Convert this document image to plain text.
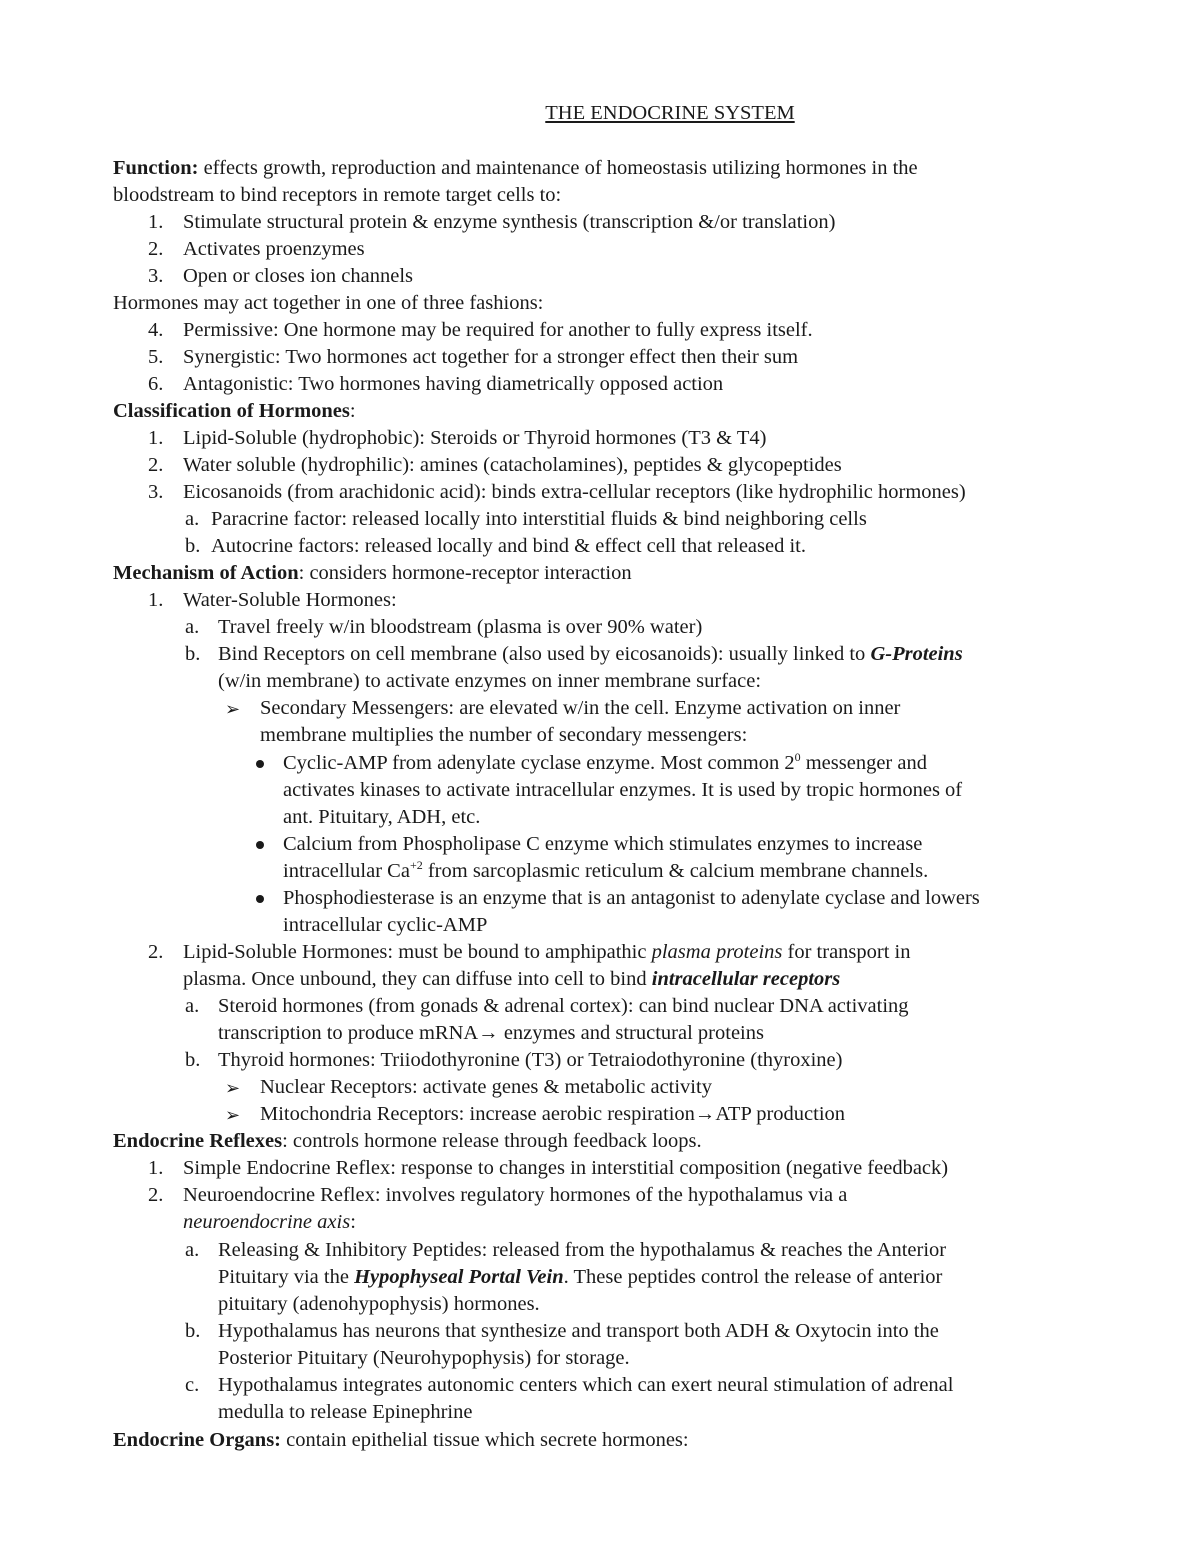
THE ENDOCRINE SYSTEM
Function: effects growth, reproduction and maintenance of homeostasis utilizing hormones in the
bloodstream to bind receptors in remote target cells to:
1. Stimulate structural protein & enzyme synthesis (transcription &/or translation)
2. Activates proenzymes
3. Open or closes ion channels
Hormones may act together in one of three fashions:
4. Permissive: One hormone may be required for another to fully express itself.
5. Synergistic: Two hormones act together for a stronger effect then their sum
6. Antagonistic: Two hormones having diametrically opposed action
Classification of Hormones:
1. Lipid-Soluble (hydrophobic): Steroids or Thyroid hormones (T3 & T4)
2. Water soluble (hydrophilic): amines (catacholamines), peptides & glycopeptides
3. Eicosanoids (from arachidonic acid): binds extra-cellular receptors (like hydrophilic hormones)
a. Paracrine factor: released locally into interstitial fluids & bind neighboring cells
b. Autocrine factors: released locally and bind & effect cell that released it.
Mechanism of Action: considers hormone-receptor interaction
1. Water-Soluble Hormones:
a. Travel freely w/in bloodstream (plasma is over 90% water)
b. Bind Receptors on cell membrane (also used by eicosanoids): usually linked to G-Proteins
(w/in membrane) to activate enzymes on inner membrane surface:
➢ Secondary Messengers: are elevated w/in the cell. Enzyme activation on inner
membrane multiplies the number of secondary messengers:
Cyclic-AMP from adenylate cyclase enzyme. Most common $2^0$ messenger and
activates kinases to activate intracellular enzymes. It is used by tropic hormones of
ant. Pituitary, ADH, etc.
Calcium from Phospholipase C enzyme which stimulates enzymes to increase
intracellular $Ca^{+2}$ from sarcoplasmic reticulum & calcium membrane channels.
Phosphodiesterase is an enzyme that is an antagonist to adenylate cyclase and lowers
intracellular cyclic-AMP
2. Lipid-Soluble Hormones: must be bound to amphipathic plasma proteins for transport in
plasma. Once unbound, they can diffuse into cell to bind intracellular receptors
a. Steroid hormones (from gonads & adrenal cortex): can bind nuclear DNA activating
transcription to produce mRNA→ enzymes and structural proteins
b. Thyroid hormones: Triiodothyronine (T3) or Tetraiodothyronine (thyroxine)
➢ Nuclear Receptors: activate genes & metabolic activity
➢ Mitochondria Receptors: increase aerobic respiration→ATP production
Endocrine Reflexes: controls hormone release through feedback loops.
1. Simple Endocrine Reflex: response to changes in interstitial composition (negative feedback)
2. Neuroendocrine Reflex: involves regulatory hormones of the hypothalamus via a
neuroendocrine axis:
a. Releasing & Inhibitory Peptides: released from the hypothalamus & reaches the Anterior
Pituitary via the Hypophyseal Portal Vein. These peptides control the release of anterior
pituitary (adenohypophysis) hormones.
b. Hypothalamus has neurons that synthesize and transport both ADH & Oxytocin into the
Posterior Pituitary (Neurohypophysis) for storage.
c. Hypothalamus integrates autonomic centers which can exert neural stimulation of adrenal
medulla to release Epinephrine
Endocrine Organs: contain epithelial tissue which secrete hormones:
